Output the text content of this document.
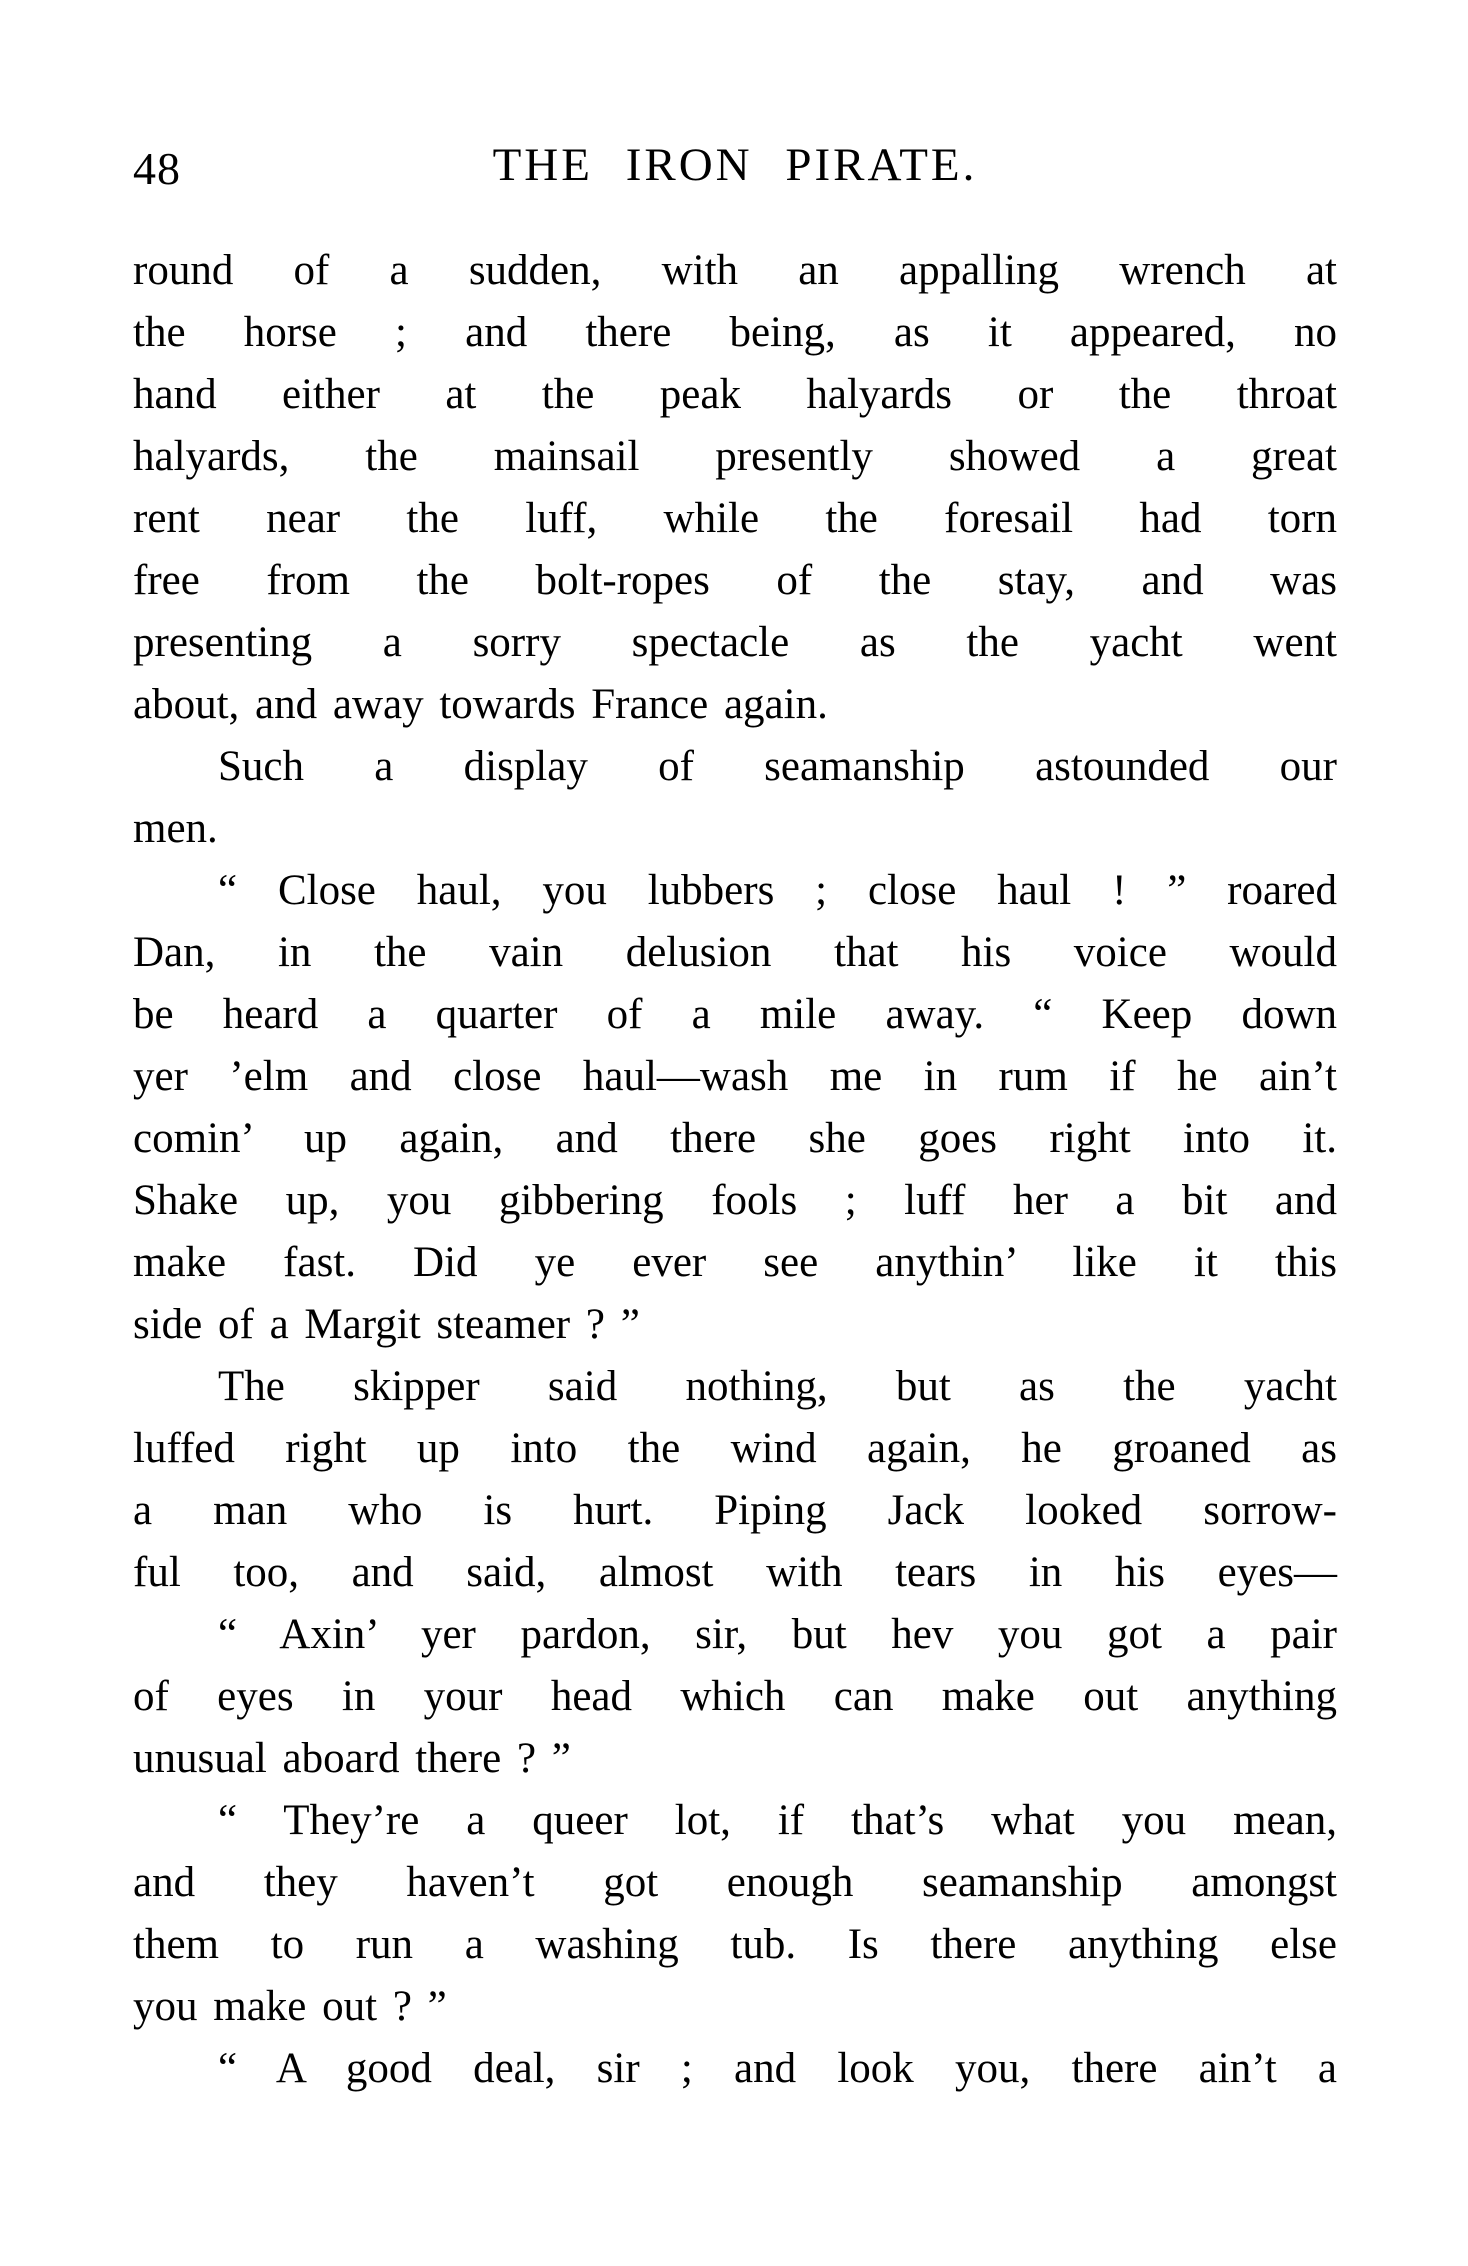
48	THE IRON PIRATE.
round of a sudden, with an appalling wrench at
the horse ; and there being, as it appeared, no
hand either at the peak halyards or the throat
halyards, the mainsail presently showed a great
rent near the luff, while the foresail had torn
free from the bolt-ropes of the stay, and was
presenting a sorry spectacle as the yacht went
about, and away towards France again.
Such a display of seamanship astounded our
men.
“ Close haul, you lubbers ; close haul ! ” roared
Dan, in the vain delusion that his voice would
be heard a quarter of a mile away. “ Keep down
yer ’elm and close haul—wash me in rum if he ain’t
comin’ up again, and there she goes right into it.
Shake up, you gibbering fools ; luff her a bit and
make fast. Did ye ever see anythin’ like it this
side of a Margit steamer ? ”
The skipper said nothing, but as the yacht
luffed right up into the wind again, he groaned as
a man who is hurt. Piping Jack looked sorrow-
ful too, and said, almost with tears in his eyes—
“ Axin’ yer pardon, sir, but hev you got a pair
of eyes in your head which can make out anything
unusual aboard there ? ”
“ They’re a queer lot, if that’s what you mean,
and they haven’t got enough seamanship amongst
them to run a washing tub. Is there anything else
you make out ? ”
“ A good deal, sir ; and look you, there ain’t a
